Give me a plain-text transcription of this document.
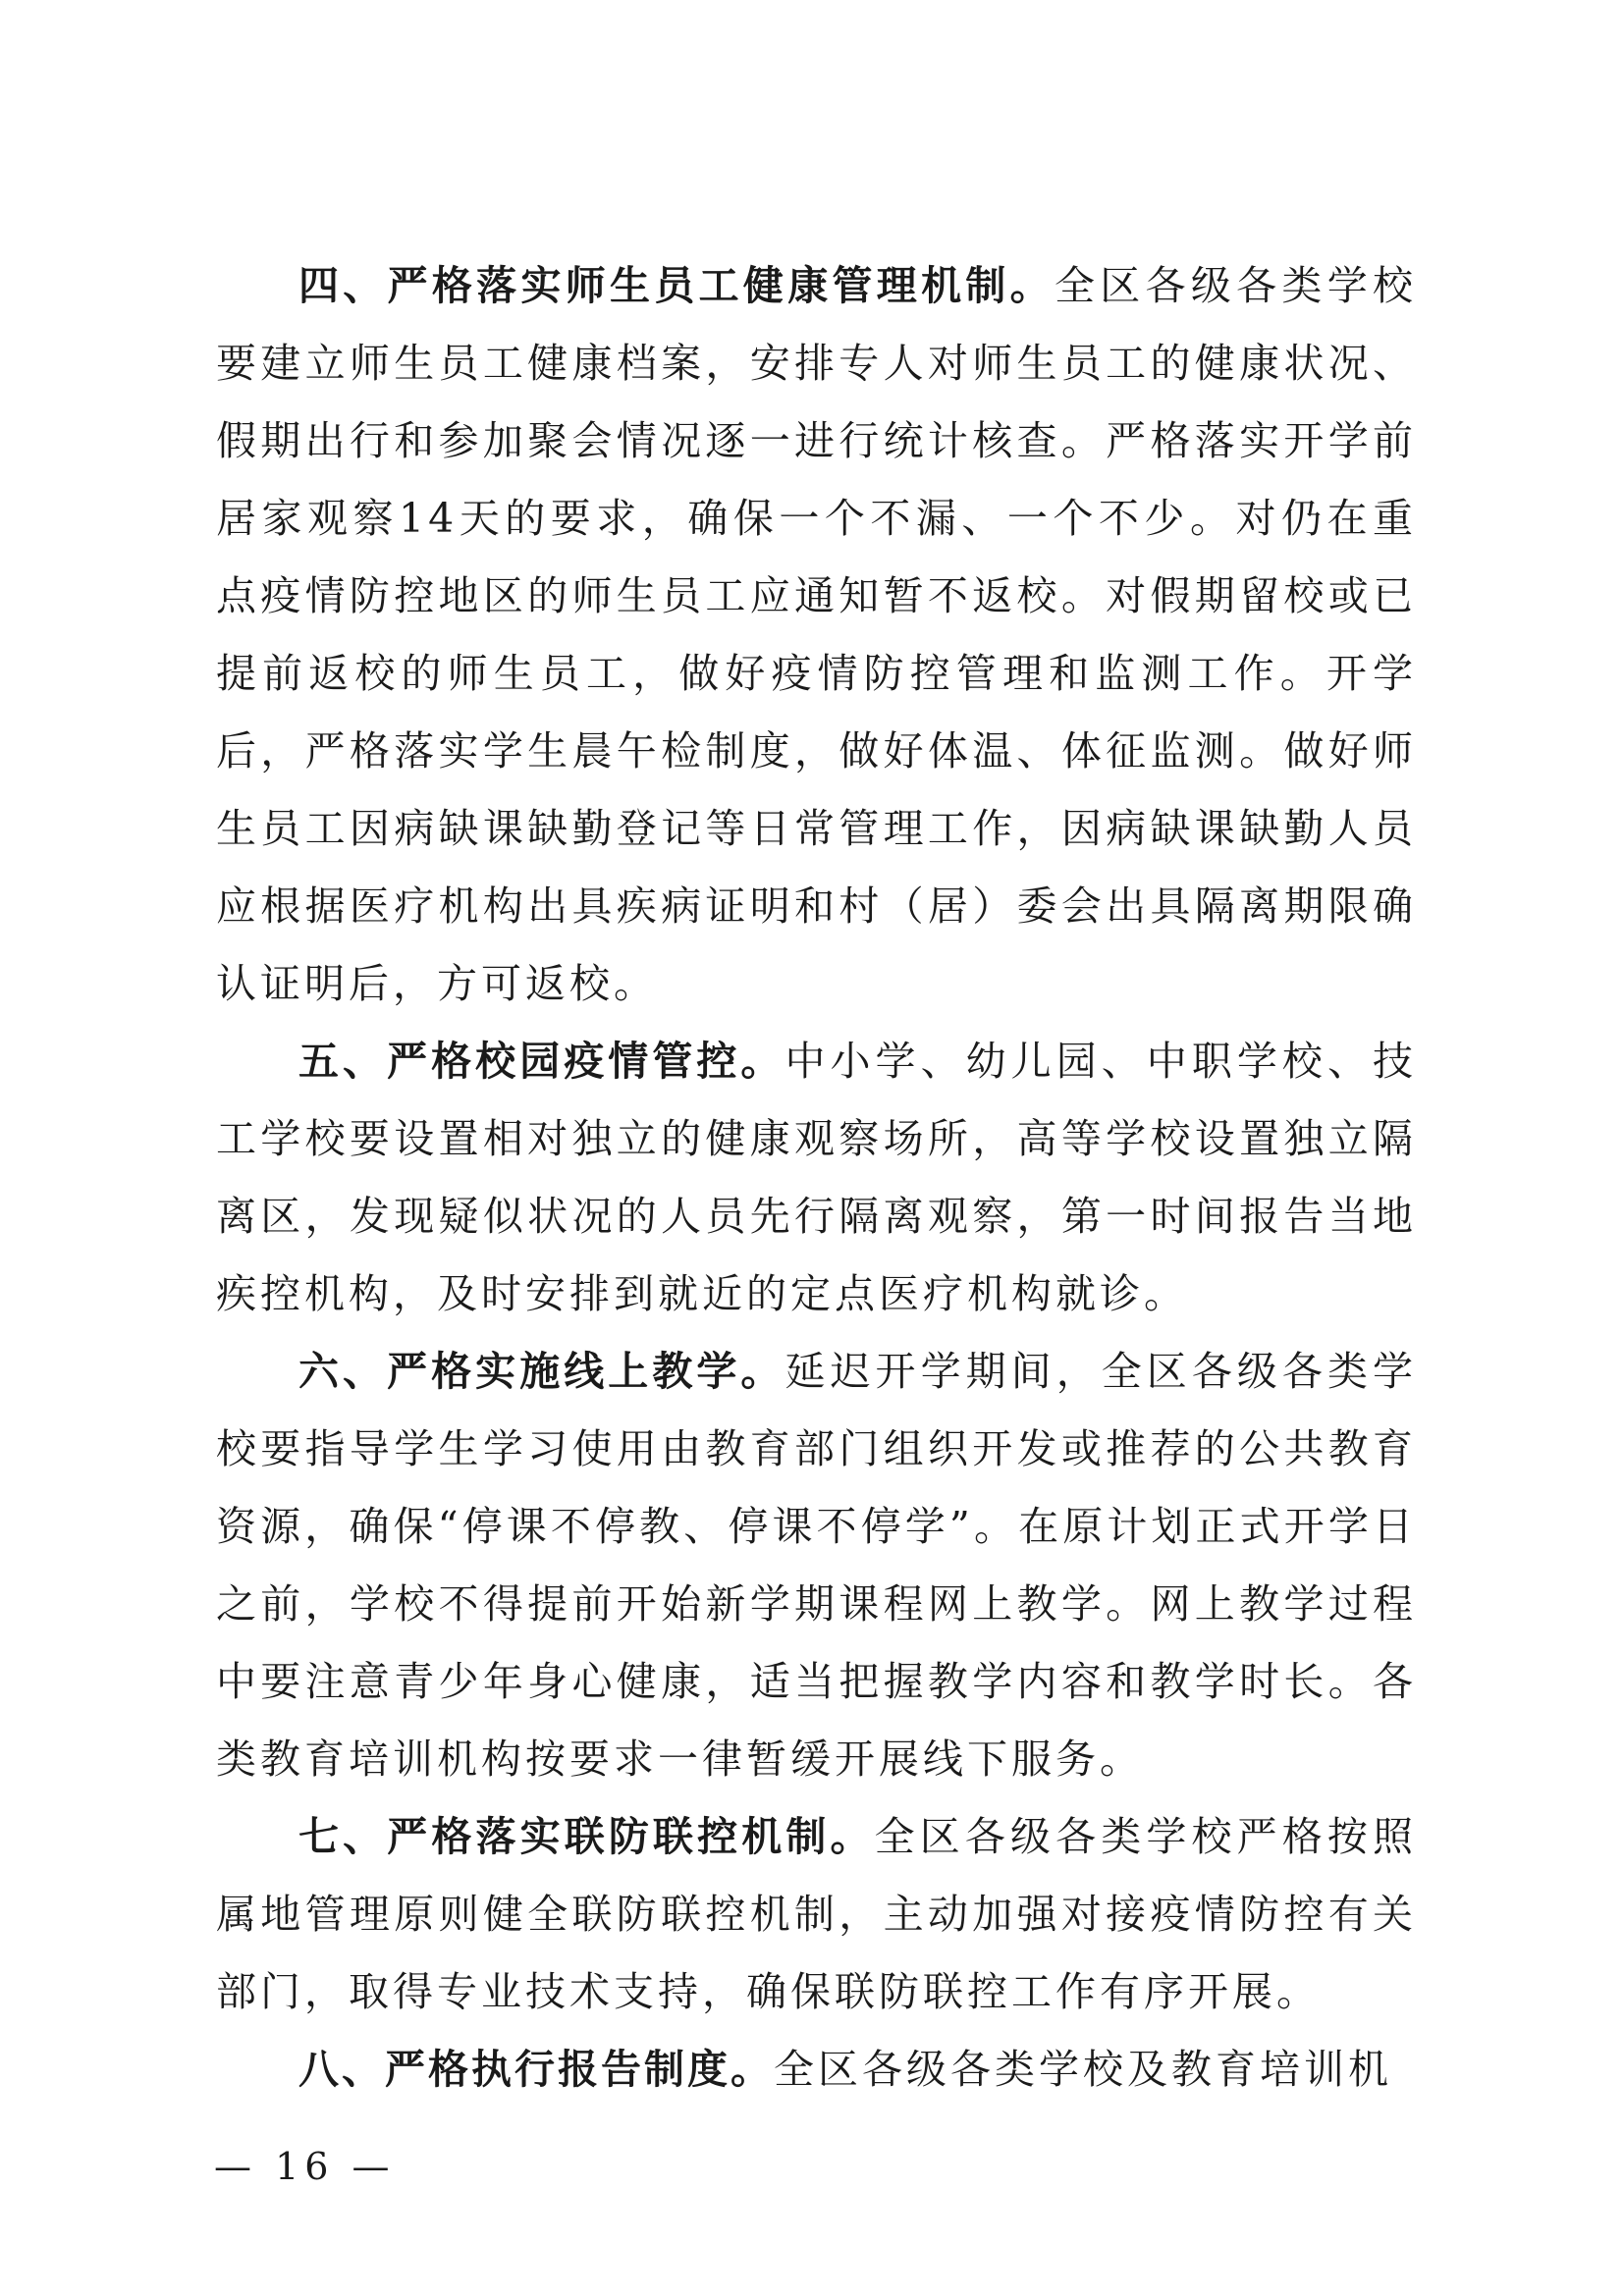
四、严格落实师生员工健康管理机制。全区各级各类学校要建立师生员工健康档案，安排专人对师生员工的健康状况、假期出行和参加聚会情况逐一进行统计核查。严格落实开学前居家观察14天的要求，确保一个不漏、一个不少。对仍在重点疫情防控地区的师生员工应通知暂不返校。对假期留校或已提前返校的师生员工，做好疫情防控管理和监测工作。开学后，严格落实学生晨午检制度，做好体温、体征监测。做好师生员工因病缺课缺勤登记等日常管理工作，因病缺课缺勤人员应根据医疗机构出具疾病证明和村（居）委会出具隔离期限确认证明后，方可返校。

五、严格校园疫情管控。中小学、幼儿园、中职学校、技工学校要设置相对独立的健康观察场所，高等学校设置独立隔离区，发现疑似状况的人员先行隔离观察，第一时间报告当地疾控机构，及时安排到就近的定点医疗机构就诊。

六、严格实施线上教学。延迟开学期间，全区各级各类学校要指导学生学习使用由教育部门组织开发或推荐的公共教育资源，确保“停课不停教、停课不停学”。在原计划正式开学日之前，学校不得提前开始新学期课程网上教学。网上教学过程中要注意青少年身心健康，适当把握教学内容和教学时长。各类教育培训机构按要求一律暂缓开展线下服务。

七、严格落实联防联控机制。全区各级各类学校严格按照属地管理原则健全联防联控机制，主动加强对接疫情防控有关部门，取得专业技术支持，确保联防联控工作有序开展。

八、严格执行报告制度。全区各级各类学校及教育培训机

— 16 —
